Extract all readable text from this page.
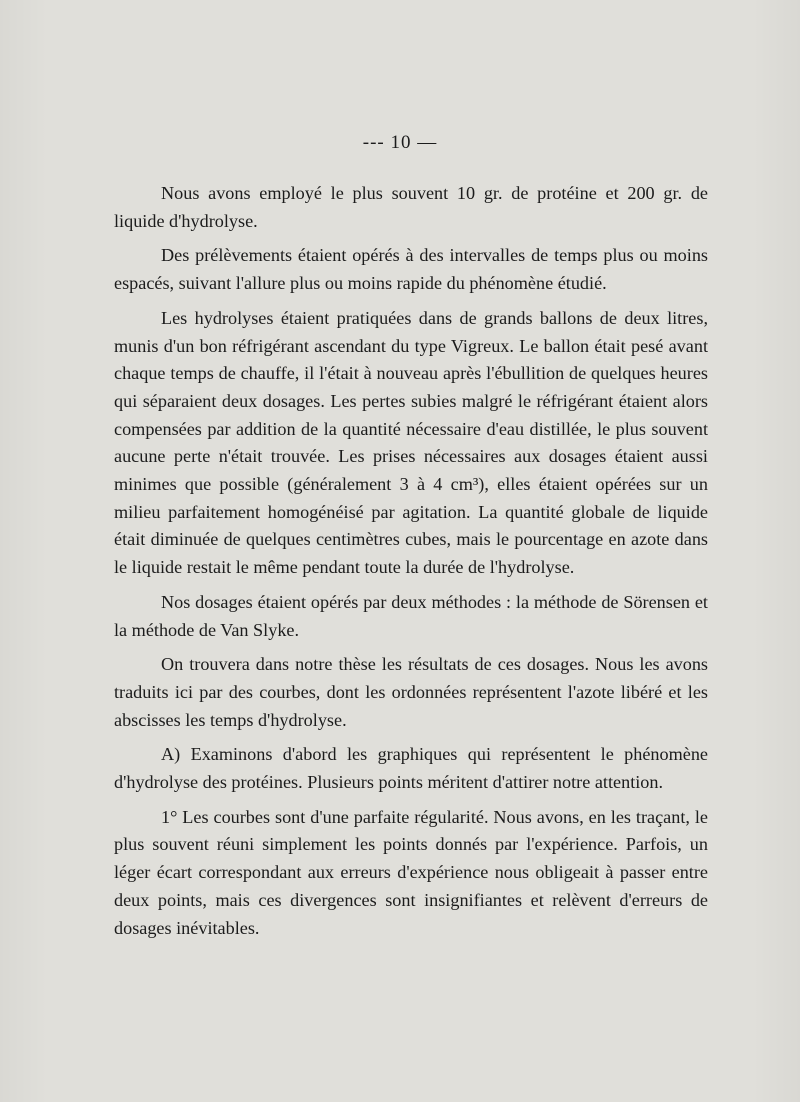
--- 10 —

Nous avons employé le plus souvent 10 gr. de protéine et 200 gr. de liquide d'hydrolyse.

Des prélèvements étaient opérés à des intervalles de temps plus ou moins espacés, suivant l'allure plus ou moins rapide du phénomène étudié.

Les hydrolyses étaient pratiquées dans de grands ballons de deux litres, munis d'un bon réfrigérant ascendant du type Vigreux. Le ballon était pesé avant chaque temps de chauffe, il l'était à nouveau après l'ébullition de quelques heures qui séparaient deux dosages. Les pertes subies malgré le réfrigérant étaient alors compensées par addition de la quantité nécessaire d'eau distillée, le plus souvent aucune perte n'était trouvée. Les prises nécessaires aux dosages étaient aussi minimes que possible (généralement 3 à 4 cm³), elles étaient opérées sur un milieu parfaitement homogénéisé par agitation. La quantité globale de liquide était diminuée de quelques centimètres cubes, mais le pourcentage en azote dans le liquide restait le même pendant toute la durée de l'hydrolyse.

Nos dosages étaient opérés par deux méthodes : la méthode de Sörensen et la méthode de Van Slyke.

On trouvera dans notre thèse les résultats de ces dosages. Nous les avons traduits ici par des courbes, dont les ordonnées représentent l'azote libéré et les abscisses les temps d'hydrolyse.

A) Examinons d'abord les graphiques qui représentent le phénomène d'hydrolyse des protéines. Plusieurs points méritent d'attirer notre attention.

1° Les courbes sont d'une parfaite régularité. Nous avons, en les traçant, le plus souvent réuni simplement les points donnés par l'expérience. Parfois, un léger écart correspondant aux erreurs d'expérience nous obligeait à passer entre deux points, mais ces divergences sont insignifiantes et relèvent d'erreurs de dosages inévitables.
